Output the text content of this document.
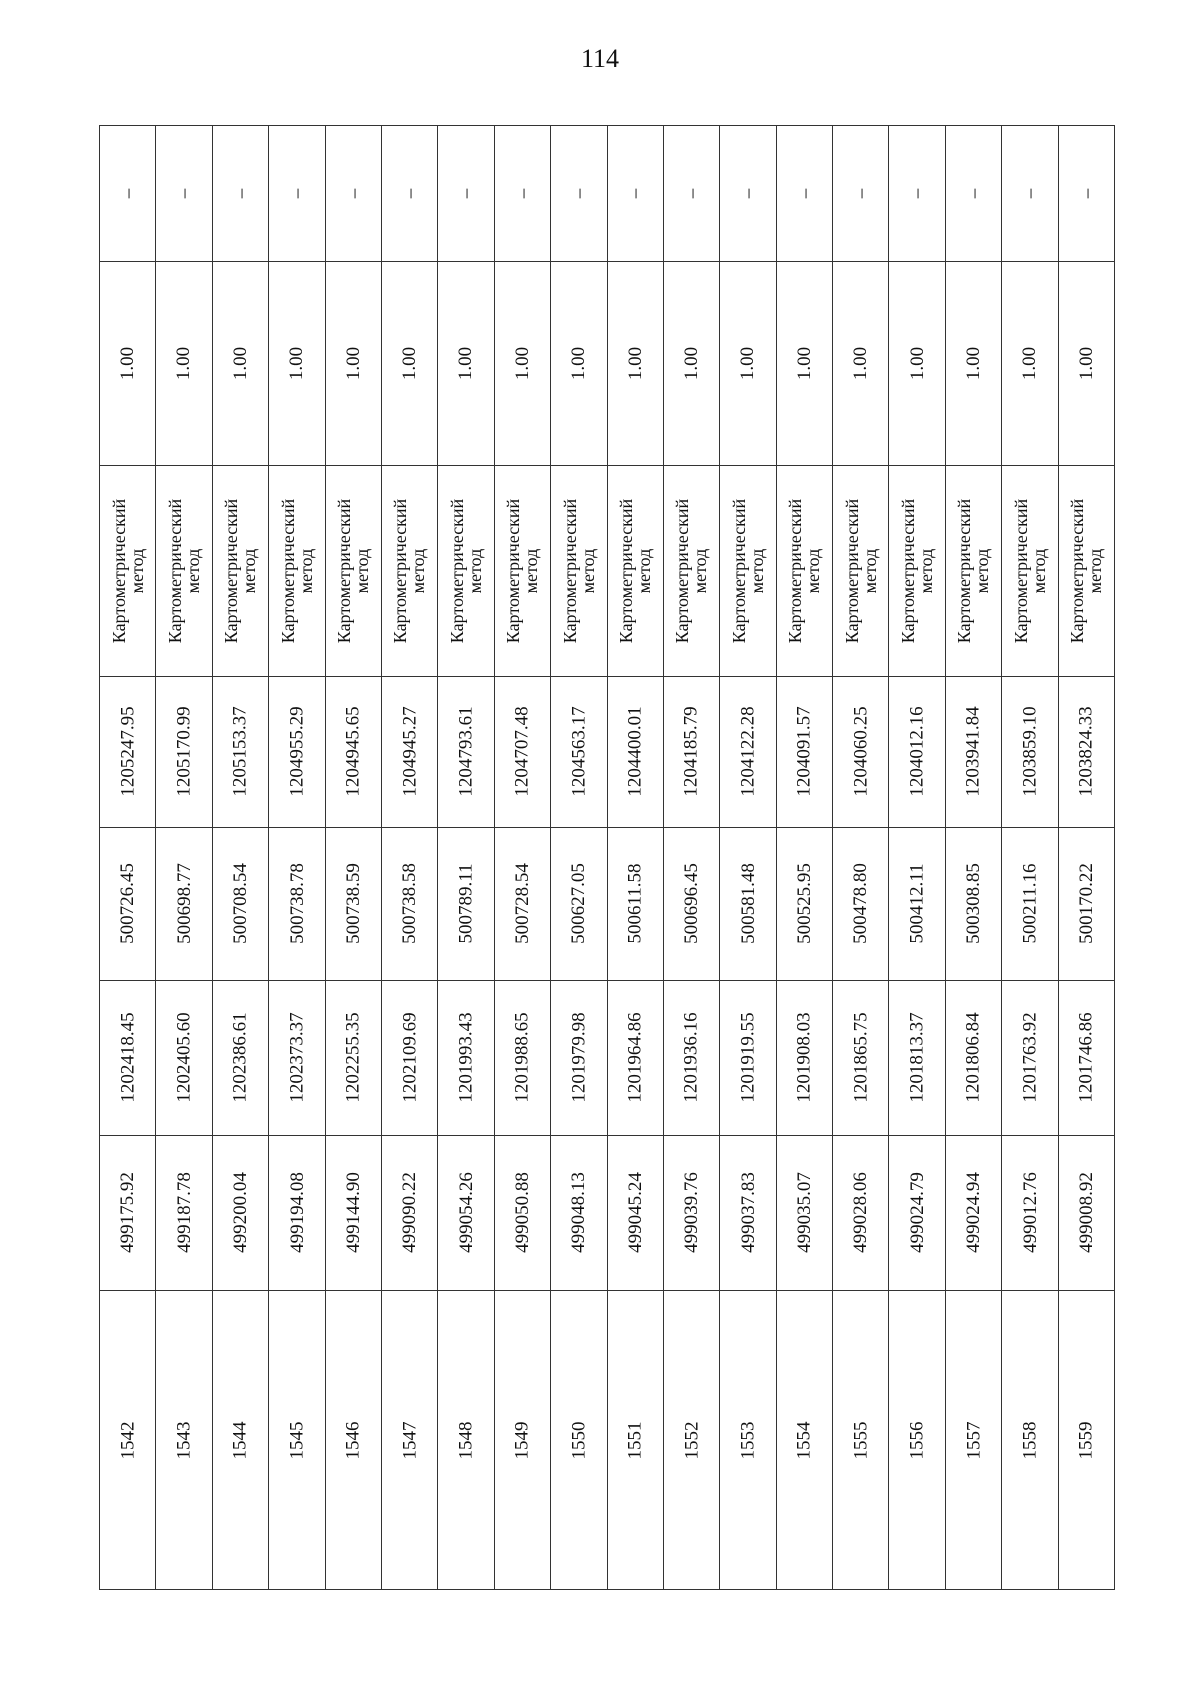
114
–
1.00
Картометрический
метод
1205247.95
500726.45
1202418.45
499175.92
1542
–
1.00
Картометрический
метод
1205170.99
500698.77
1202405.60
499187.78
1543
–
1.00
Картометрический
метод
1205153.37
500708.54
1202386.61
499200.04
1544
–
1.00
Картометрический
метод
1204955.29
500738.78
1202373.37
499194.08
1545
–
1.00
Картометрический
метод
1204945.65
500738.59
1202255.35
499144.90
1546
–
1.00
Картометрический
метод
1204945.27
500738.58
1202109.69
499090.22
1547
–
1.00
Картометрический
метод
1204793.61
500789.11
1201993.43
499054.26
1548
–
1.00
Картометрический
метод
1204707.48
500728.54
1201988.65
499050.88
1549
–
1.00
Картометрический
метод
1204563.17
500627.05
1201979.98
499048.13
1550
–
1.00
Картометрический
метод
1204400.01
500611.58
1201964.86
499045.24
1551
–
1.00
Картометрический
метод
1204185.79
500696.45
1201936.16
499039.76
1552
–
1.00
Картометрический
метод
1204122.28
500581.48
1201919.55
499037.83
1553
–
1.00
Картометрический
метод
1204091.57
500525.95
1201908.03
499035.07
1554
–
1.00
Картометрический
метод
1204060.25
500478.80
1201865.75
499028.06
1555
–
1.00
Картометрический
метод
1204012.16
500412.11
1201813.37
499024.79
1556
–
1.00
Картометрический
метод
1203941.84
500308.85
1201806.84
499024.94
1557
–
1.00
Картометрический
метод
1203859.10
500211.16
1201763.92
499012.76
1558
–
1.00
Картометрический
метод
1203824.33
500170.22
1201746.86
499008.92
1559
